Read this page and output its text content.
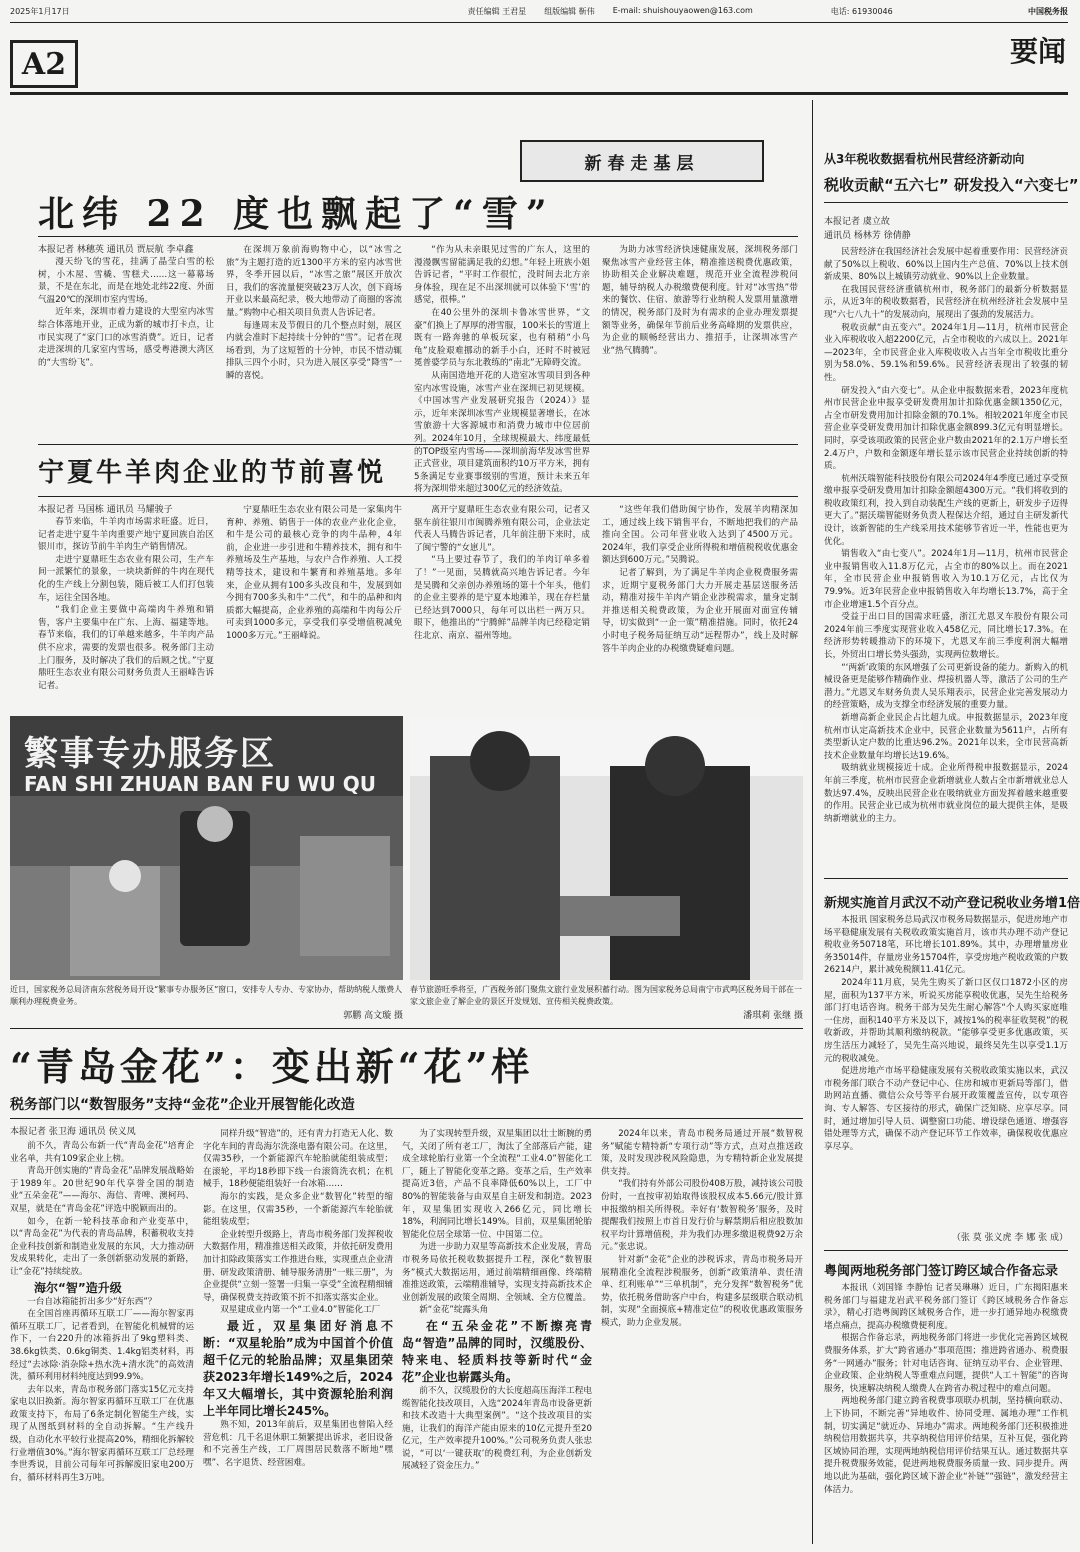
2025年1月17日	责任编辑 王君星 组版编辑 靳伟 E-mail: shuishouyaowen@163.com	电话: 61930046	中国税务报
A2	要闻
新春走基层
北纬 22 度也飘起了“雪”
本报记者 林穗英 通讯员 贾辰航 李卓鑫

漫天纷飞的雪花，挂满了晶莹白雪的松树，小木屋、雪橇、雪糕犬……这一幕幕场景，不是在东北，而是在地处北纬22度、外面气温20℃的深圳市室内雪场。

近年来，深圳市着力建设的大型室内冰雪综合体落地开业，正成为新的城市打卡点，让市民实现了“家门口的冰雪消费”。近日，记者走进深圳的几家室内雪场，感受粤港澳大湾区的“大雪纷飞”。

在深圳万象前海购物中心，以“冰雪之旅”为主题打造的近1300平方米的室内冰雪世界，冬季开园以后，“冰雪之旅”展区开放次日，我们的客流量便突破23万人次，创下商场开业以来最高纪录，极大地带动了商圈的客流量。”购物中心相关项目负责人告诉记者。

每逢周末及节假日的几个整点时刻，展区内就会准时下起持续十分钟的“雪”。记者在现场看到，为了这短暂的十分钟，市民不惜动辄排队三四个小时，只为进入展区享受“降雪”一瞬的喜悦。

“作为从未亲眼见过雪的广东人，这里的漫漫飘雪留能满足我的幻想。”年轻上班族小姐告诉记者，“平时工作很忙，没时间去北方亲身体验，现在足不出深圳就可以体验下‘雪’的感觉，很棒。”

在40公里外的深圳卡鲁冰雪世界，“文豪”们换上了厚厚的滑雪服，100米长的雪道上既有一路奔驰的单板玩家，也有稍稍“小鸟龟”皮脸艰难挪动的新手小白，还时不时被冠冕普婆学员与东北教练的“南北”无障碍交流。

从南国造地开花的人造室冰雪项目到各种室内冰雪设施，冰雪产业在深圳已初见规模。《中国冰雪产业发展研究报告（2024）》显示，近年来深圳冰雪产业规模显著增长，在冰雪旅游十大客源城市和消费力城市中位居前列。2024年10月，全球规模最大、纬度最低的TOP级室内雪场——深圳前海华发冰雪世界正式营业，项目建筑面积约10万平方米，拥有5条满足专业赛事级别的雪道，预计未来五年将为深圳带来超过300亿元的经济效益。

为助力冰雪经济快速健康发展，深圳税务部门聚焦冰雪产业经营主体，精准推送税费优惠政策，协助相关企业解决难题，规范开业全流程涉税问题，辅导纳税人办税缴费便利度。针对“冰雪热”带来的餐饮、住宿、旅游等行业纳税人发票用量激增的情况，税务部门及时为有需求的企业办理发票提额等业务，确保年节前后业务高峰期的发票供应，为企业的顺畅经营出力、推招手，让深圳冰雪产业“热气腾腾”。

宁夏牛羊肉企业的节前喜悦
本报记者 马国栋 通讯员 马耀骏子

春节来临，牛羊肉市场需求旺盛。近日，记者走进宁夏牛羊肉重要产地宁夏回族自治区银川市，探访节前牛羊肉生产销售情况。

走进宁夏鼎旺生态农业有限公司，生产车间一派繁忙的景象，一块块新鲜的牛肉在现代化的生产线上分割包装，随后被工人们打包装车，运往全国各地。

“我们企业主要做中高端肉牛养殖和销售，客户主要集中在广东、上海、福建等地。春节来临，我们的订单越来越多，牛羊肉产品供不应求，需要的发票也很多。税务部门主动上门服务，及时解决了我们的后顾之忧。”宁夏鼎旺生态农业有限公司财务负责人王丽峰告诉记者。

宁夏鼎旺生态农业有限公司是一家集肉牛育种、养殖、销售于一体的农业产业化企业，和牛是公司的最核心竞争的肉牛品种，4年前，企业进一步引进和牛精养技术，拥有和牛养殖场及生产基地，与农户合作养殖、人工授精等技术，建设和牛繁育和养殖基地。多年来，企业从拥有100多头改良和牛，发展到如今拥有700多头和牛“二代”，和牛的品种和肉质都大幅提高，企业养殖的高端和牛肉每公斤可卖到1000多元，享受我们享受增值税减免1000多万元。”王丽峰说。

离开宁夏鼎旺生态农业有限公司，记者又驱车前往银川市闽腾养殖有限公司，企业法定代表人马腾告诉记者，几年前注册下来时，成了闽宁警的“女崽儿”。

“马上要过春节了，我们的羊肉订单多着了！”一见面，吴腾就高兴地告诉记者。今年是吴腾和父亲创办养殖场的第十个年头，他们的企业主要养的是宁夏本地滩羊，现在存栏量已经达到7000只，每年可以出栏一两万只。眼下，他推出的“宁腾鲜”品牌羊肉已经稳定销往北京、南京、福州等地。

“这些年我们借助闽宁协作，发展羊肉精深加工，通过线上线下销售平台，不断地把我们的产品推向全国。公司年营业收入达到了4500万元。2024年，我们享受企业所得税和增值税税收优惠金额达到600万元。”吴腾说。

记者了解到，为了满足牛羊肉企业税费服务需求，近期宁夏税务部门大力开展走基层送服务活动，精准对接牛羊肉产销企业涉税需求，量身定制并推送相关税费政策，为企业开展面对面宣传辅导，切实做到“一企一策”精准措施。同时，依托24小时电子税务局征纳互动“远程帮办”，线上及时解答牛羊肉企业的办税缴费疑难问题。

繁事专办服务区
FAN SHI ZHUAN BAN FU WU QU
近日，国家税务总局济南东营税务局开设“繁事专办服务区”窗口，安排专人专办、专家协办，帮助纳税人缴费人顺利办理税费业务。
郭鹏 高文璇 摄
春节旅游旺季将至，广西税务部门聚焦文旅行业发展积蓄行动。图为国家税务总局南宁市武鸣区税务局干部在一家文旅企业了解企业的景区开发规划、宣传相关税费政策。
潘琪莉 张继 摄
“青岛金花”：变出新“花”样
税务部门以“数智服务”支持“金花”企业开展智能化改造
本报记者 张卫海 通讯员 侯义凤

前不久，青岛公布新一代“青岛金花”培育企业名单，共有109家企业上榜。

青岛开创实施的“青岛金花”品牌发展战略始于1989年。20世纪90年代享誉全国的制造业“五朵金花”——海尔、海信、青啤、澳柯玛、双星，就是在“青岛金花”评选中脱颖而出的。

如今，在新一轮科技革命和产业变革中，以“青岛金花”为代表的青岛品牌，积蓄税收支持企业科技创新和制造业发展的东风，大力推动研发成果转化，走出了一条创新驱动发展的新路，让“金花”持续绽放。

海尔“智”造升级

一台自冰箱能折出多少“好东西”？

在全国首座再循环互联工厂——海尔智家再循环互联工厂，记者看到，在智能化机械臂的运作下，一台220升的冰箱拆出了9kg塑料类、38.6kg铁类、0.6kg铜类、1.4kg铝类材料，再经过“去冰除·消杂除+热水洗+清水洗”的高效清洗，循环利用材料纯度达到99.9%。

去年以来，青岛市税务部门落实15亿元支持家电以旧换新。海尔智家再循环互联工厂在优惠政策支持下，布局了6条定制化智能生产线，实现了从图纸到材料的全自动拆解。“生产线升级，自动化水平较行业提高20%，精细化拆解较行业增值30%。”海尔智家再循环互联工厂总经理李世秀说，目前公司每年可拆解废旧家电200万台，循环材料再生3万吨。

同样升级“智造”的，还有青力打造无人化、数字化车间的青岛海尔洗涤电器有限公司。在这里，仅需35秒，一个新能源汽车轮胎就能组装成型；在滚轮，平均18秒即下线一台滚筒洗衣机；在机械手，18秒便能组装好一台冰箱……

海尔的实践，是众多企业“数智化”转型的缩影。在这里，仅需35秒，一个新能源汽车轮胎就能组装成型；

企业转型升级路上，青岛市税务部门发挥税收大数据作用，精准推送相关政策，并依托研发费用加计扣除政策落实工作推进台账，实现重点企业清册、研发政策清册、辅导服务清册“一账三册”，为企业提供“立刻一签署一归集一享受”全流程精细辅导，确保税费支持政策不折不扣落实落实企业。

双星建成业内第一个“工业4.0”智能化工厂

最近，双星集团好消息不断：“双星轮胎”成为中国首个价值超千亿元的轮胎品牌；双星集团荣获2023年增长149%之后，2024年又大幅增长，其中资源轮胎利润上半年同比增长245%。

熟不知，2013年前后，双星集团也曾陷入经营危机：几千名退休职工频繁提出诉求，老旧设备和不完善生产线，工厂周围居民数落不断地“嘿嘿”、名字退货、经营困难。

为了实现转型升级，双星集团以壮士断腕的勇气，关闭了所有老工厂，淘汰了全部落后产能，建成全球轮胎行业第一个全流程“工业4.0”智能化工厂，随上了智能化变革之路。变革之后，生产效率提高近3倍，产品不良率降低60%以上，工厂中80%的智能装备与由双星自主研发和制造。2023年，双星集团实现收入266亿元，同比增长18%，利润同比增长149%。目前，双星集团轮胎智能化位居全球第一位、中国第二位。

为进一步助力双星等高新技术企业发展，青岛市税务局依托税收数据提升工程，深化“数智服务”模式大数据运用，通过前端精细画像、终端精准推送政策，云端精准辅导，实现支持高新技术企业创新发展的政策全周期、全领域、全方位覆盖。

新“金花”绽露头角

在“五朵金花”不断擦亮青岛“智造”品牌的同时，汉缆股份、特来电、轻质料技等新时代“金花”企业也崭露头角。

前不久，汉缆股份的大长度超高压海洋工程电缆智能化技改项目，入选“2024年青岛市设备更新和技术改造十大典型案例”。“这个技改项目的实施，让我们的海洋产能由原来的10亿元提升至20亿元，生产效率提升100%。”公司税务负责人张忠说，“可以‘一键获取’的税费红利，为企业创新发展减轻了资金压力。”

2024年以来，青岛市税务局通过开展“数智税务”赋能专精特新“专项行动”等方式，点对点推送政策，及时发现涉税风险隐患，为专精特新企业发展提供支持。

“我们持有外部公司股份408万股，减持该公司股份时，一直按审初始取得该股权成本5.66元/股计算申报缴纳相关所得税。幸好有‘数智税务’服务，及时提醒我们按照上市首日发行价与解禁期后相应股数加权平均计算增值税，并为我们办理多缴退税费92万余元。”张忠说。

针对新“金花”企业的涉税诉求，青岛市税务局开展精准化全流程涉税服务，创新“政策清单、责任清单、红利账单”“三单机制”，充分发挥“数智税务”优势，依托税务借助客户中台，构建多层级联合联动机制，实现“全面摸底+精准定位”的税收优惠政策服务模式，助力企业发展。

从3年税收数据看杭州民营经济新动向
税收贡献“五六七” 研发投入“六变七”
本报记者 虞立故
通讯员 杨林芳 徐倩静

民营经济在我国经济社会发展中起着重要作用：民营经济贡献了50%以上税收、60%以上国内生产总值、70%以上技术创新成果、80%以上城镇劳动就业、90%以上企业数量。

在我国民营经济重镇杭州市，税务部门的最新分析数据显示，从近3年的税收数据看，民营经济在杭州经济社会发展中呈现“六七八九十”的发展动向，展现出了强劲的发展活力。

税收贡献“由五变六”。2024年1月—11月，杭州市民营企业入库税收收入超2200亿元，占全市税收的六成以上。2021年—2023年，全市民营企业入库税收收入占当年全市税收比重分别为58.0%、59.1%和59.6%。民营经济表现出了较强的韧性。

研发投入“由六变七”。从企业申报数据来看，2023年度杭州市民营企业申报享受研发费用加计扣除优惠金额1350亿元，占全市研发费用加计扣除金额的70.1%。相较2021年度全市民营企业享受研发费用加计扣除优惠金额899.3亿元有明显增长。同时，享受该项政策的民营企业户数由2021年的2.1万户增长至2.4万户，户数和金额逐年增长显示该市民营企业持续创新的特质。

杭州沃瑞智能科技股份有限公司2024年4季度已通过享受预缴申报享受研发费用加计扣除金额超4300万元。“我们将收到的税收政策红利，投入到自动装配生产线的更新上，研发步子迈得更大了。”据沃瑞智能财务负责人程保达介绍，通过自主研发新代设计，该新智能的生产线采用技术能够节省近一半，性能也更为优化。

销售收入“由七变八”。2024年1月—11月，杭州市民营企业申报销售收入11.8万亿元，占全市的80%以上。而在2021年，全市民营企业申报销售收入为10.1万亿元，占比仅为79.9%。近3年民营企业申报销售收入年均增长13.7%，高于全市企业增速1.5个百分点。

受益于出口目的国需求旺盛，浙江尤恩叉车股份有限公司2024年前三季度实现营业收入458亿元，同比增长17.3%。在经济形势转暖推动下的环境下，尤恩叉车前三季度利润大幅增长，外贸出口增长势头强劲，实现两位数增长。

“‘两新’政策的东风增强了公司更新设备的能力。新购入的机械设备更是能够作精确作业、焊接机器人等，激活了公司的生产潜力。”尤恩叉车财务负责人吴乐翔表示，民营企业完善发展动力的经营策略，成为支撑全市经济发展的重要力量。

新增高新企业民企占比超九成。申报数据显示，2023年度杭州市认定高新技术企业中，民营企业数量为5611户，占所有类型新认定户数的比重达96.2%。2021年以来，全市民营高新技术企业数量年均增长达19.6%。

吸纳就业规模接近十成。企业所得税申报数据显示，2024年前三季度，杭州市民营企业新增就业人数占全市新增就业总人数达97.4%，反映出民营企业在吸纳就业方面发挥着越来越重要的作用。民营企业已成为杭州市就业岗位的最大提供主体，是吸纳新增就业的主力。

新规实施首月武汉不动产登记税收业务增1倍

本报讯 国家税务总局武汉市税务局数据显示，促进房地产市场平稳健康发展有关税收政策实施首月，该市共办理不动产登记税收业务50718笔，环比增长101.89%。其中，办理增量房业务35014件，存量房业务15704件，享受房地产税收政策的户数26214户，累计减免税额11.41亿元。

2024年11月底，吴先生购买了新口区仅口1872小区的房屋，面积为137平方米，听说买房能享税收优惠，吴先生给税务部门打电话咨询。税务干部为吴先生耐心解答“个人购买家庭唯一住房，面积140平方米及以下，减按1%的税率征收契税”的税收新政，并帮助其顺利缴纳税款。“能够享受更多优惠政策，买房生活压力减轻了，吴先生高兴地说，最终吴先生以享受1.1万元的税收减免。

促进房地产市场平稳健康发展有关税收政策实施以来，武汉市税务部门联合不动产登记中心、住房和城市更新局等部门，借助网站直播、微信公众号等平台展开政策覆盖宣传，以专项咨询、专人解答、专区接待的形式，确保广泛知晓、应享尽享。同时，通过增加引导人员、调整窗口功能、增设绿色通道、增强容错处理等方式，确保不动产登记环节工作效率，确保税收优惠应享尽享。

（张 莫 张义虎 李 娜 张 成）
粤闽两地税务部门签订跨区域合作备忘录

本报讯（刘国锋 李静怡 记者吴琳琳）近日，广东揭阳惠来税务部门与福建龙岩武平税务部门签订《跨区域税务合作备忘录》，精心打造粤闽跨区域税务合作，进一步打通异地办税缴费堵点痛点，提高办税缴费便利度。

根据合作备忘录，两地税务部门将进一步优化完善跨区域税费服务体系，扩大“跨省通办”事项范围；推进跨省通办、税费服务“一网通办”服务；针对电话咨询、征纳互动平台、企业管理、企业政策、企业纳税人等重难点问题，提供“人工＋智能”的咨询服务，快速解决纳税人缴费人在跨省办税过程中的难点问题。

两地税务部门建立跨省税费事项联办机制，坚持横向联动、上下协同，不断完善“异地收件、协同受理、属地办理”工作机制，切实满足“就近办、异地办”需求。两地税务部门还积极推进纳税信用数据共享，共享纳税信用评价结果，互补互促，强化跨区域协同治理，实现两地纳税信用评价结果互认。通过数据共享提升税费服务效能，促进两地税费服务质量一致、同步提升。两地以此为基础，强化跨区域下游企业“补链”“强链”，激发经营主体活力。
